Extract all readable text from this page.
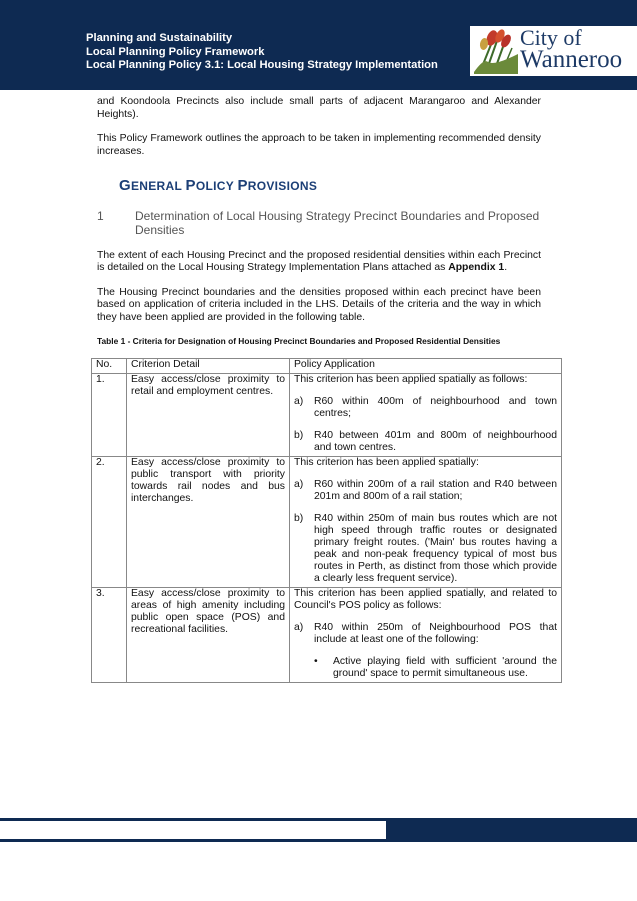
Planning and Sustainability
Local Planning Policy Framework
Local Planning Policy 3.1: Local Housing Strategy Implementation
City of
Wanneroo

and Koondoola Precincts also include small parts of adjacent Marangaroo and Alexander Heights).

This Policy Framework outlines the approach to be taken in implementing recommended density increases.

GENERAL POLICY PROVISIONS
1	Determination of Local Housing Strategy Precinct Boundaries and Proposed Densities

The extent of each Housing Precinct and the proposed residential densities within each Precinct is detailed on the Local Housing Strategy Implementation Plans attached as Appendix 1.

The Housing Precinct boundaries and the densities proposed within each precinct have been based on application of criteria included in the LHS. Details of the criteria and the way in which they have been applied are provided in the following table.

Table 1 - Criteria for Designation of Housing Precinct Boundaries and Proposed Residential Densities
No.	Criterion Detail	Policy Application
1.	Easy access/close proximity to retail and employment centres.	This criterion has been applied spatially as follows:

a) R60 within 400m of neighbourhood and town centres;
b) R40 between 401m and 800m of neighbourhood and town centres.

2.	Easy access/close proximity to public transport with priority towards rail nodes and bus interchanges.	This criterion has been applied spatially:

a) R60 within 200m of a rail station and R40 between 201m and 800m of a rail station;
b) R40 within 250m of main bus routes which are not high speed through traffic routes or designated primary freight routes. ('Main' bus routes having a peak and non-peak frequency typical of most bus routes in Perth, as distinct from those which provide a clearly less frequent service).

3.	Easy access/close proximity to areas of high amenity including public open space (POS) and recreational facilities.	This criterion has been applied spatially, and related to Council's POS policy as follows:

a) R40 within 250m of Neighbourhood POS that include at least one of the following:
• Active playing field with sufficient 'around the ground' space to permit simultaneous use.
